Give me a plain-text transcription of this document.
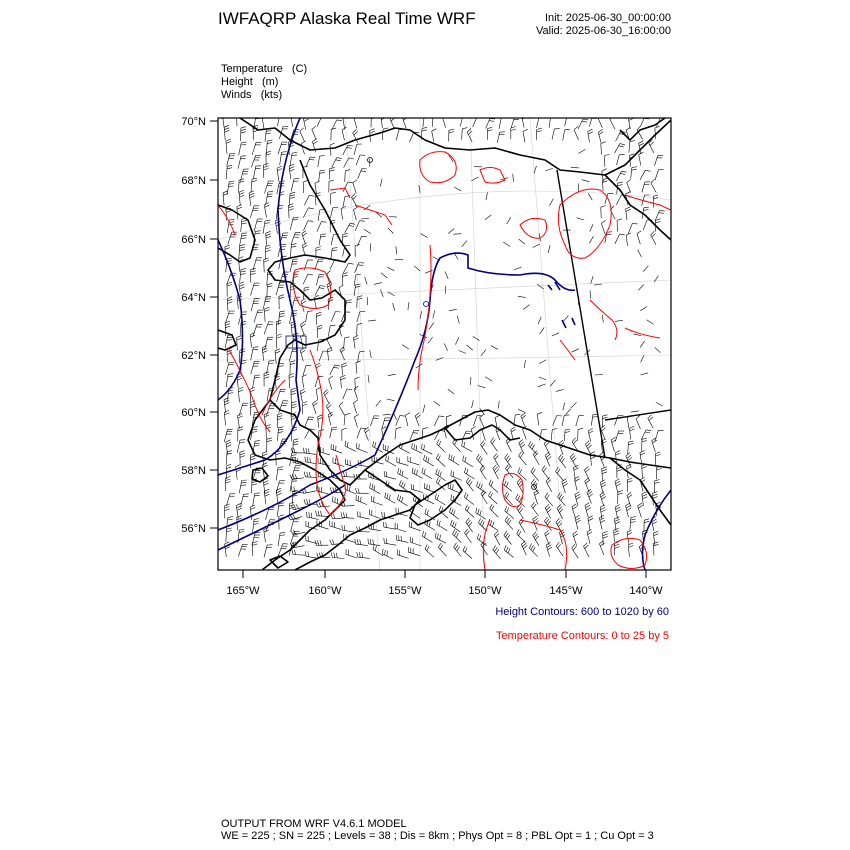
IWFAQRP Alaska Real Time WRF	Init: 2025-06-30_00:00:00
Valid: 2025-06-30_16:00:00
Temperature   (C)
Height   (m)
Winds   (kts)
70°N
68°N
66°N
64°N
62°N
60°N
58°N
56°N
165°W	160°W	155°W	150°W	145°W	140°W
Height Contours: 600 to 1020 by 60
Temperature Contours: 0 to 25 by 5
OUTPUT FROM WRF V4.6.1 MODEL
WE = 225 ; SN = 225 ; Levels = 38 ; Dis = 8km ; Phys Opt = 8 ; PBL Opt = 1 ; Cu Opt = 3
